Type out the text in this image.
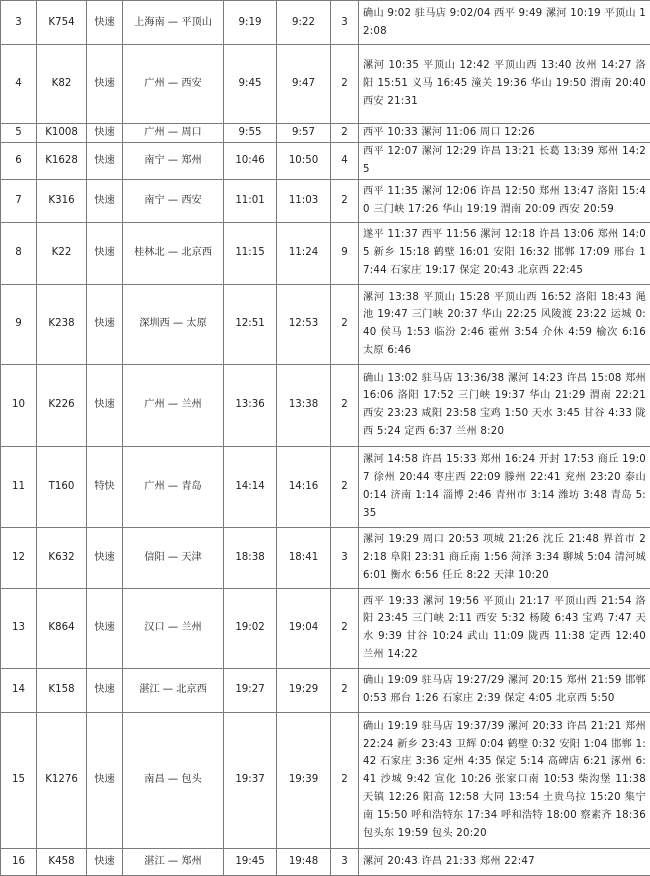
3	K754	快速	上海南 — 平顶山	9:19	9:22	3	确山 9:02 驻马店 9:02/04 西平 9:49 漯河 10:19 平顶山 12:08
4	K82	快速	广州 — 西安	9:45	9:47	2	漯河 10:35 平顶山 12:42 平顶山西 13:40 汝州 14:27 洛阳 15:51 义马 16:45 潼关 19:36 华山 19:50 渭南 20:40 西安 21:31
5	K1008	快速	广州 — 周口	9:55	9:57	2	西平 10:33 漯河 11:06 周口 12:26
6	K1628	快速	南宁 — 郑州	10:46	10:50	4	西平 12:07 漯河 12:29 许昌 13:21 长葛 13:39 郑州 14:25
7	K316	快速	南宁 — 西安	11:01	11:03	2	西平 11:35 漯河 12:06 许昌 12:50 郑州 13:47 洛阳 15:40 三门峡 17:26 华山 19:19 渭南 20:09 西安 20:59
8	K22	快速	桂林北 — 北京西	11:15	11:24	9	遂平 11:37 西平 11:56 漯河 12:18 许昌 13:06 郑州 14:05 新乡 15:18 鹤壁 16:01 安阳 16:32 邯郸 17:09 邢台 17:44 石家庄 19:17 保定 20:43 北京西 22:45
9	K238	快速	深圳西 — 太原	12:51	12:53	2	漯河 13:38 平顶山 15:28 平顶山西 16:52 洛阳 18:43 渑池 19:47 三门峡 20:37 华山 22:25 风陵渡 23:22 运城 0:40 侯马 1:53 临汾 2:46 霍州 3:54 介休 4:59 榆次 6:16 太原 6:46
10	K226	快速	广州 — 兰州	13:36	13:38	2	确山 13:02 驻马店 13:36/38 漯河 14:23 许昌 15:08 郑州 16:06 洛阳 17:52 三门峡 19:37 华山 21:29 渭南 22:21 西安 23:23 咸阳 23:58 宝鸡 1:50 天水 3:45 甘谷 4:33 陇西 5:24 定西 6:37 兰州 8:20
11	T160	特快	广州 — 青岛	14:14	14:16	2	漯河 14:58 许昌 15:33 郑州 16:24 开封 17:53 商丘 19:07 徐州 20:44 枣庄西 22:09 滕州 22:41 兖州 23:20 泰山 0:14 济南 1:14 淄博 2:46 青州市 3:14 潍坊 3:48 青岛 5:35
12	K632	快速	信阳 — 天津	18:38	18:41	3	漯河 19:29 周口 20:53 项城 21:26 沈丘 21:48 界首市 22:18 阜阳 23:31 商丘南 1:56 菏泽 3:34 聊城 5:04 清河城 6:01 衡水 6:56 任丘 8:22 天津 10:20
13	K864	快速	汉口 — 兰州	19:02	19:04	2	西平 19:33 漯河 19:56 平顶山 21:17 平顶山西 21:54 洛阳 23:45 三门峡 2:11 西安 5:32 杨陵 6:43 宝鸡 7:47 天水 9:39 甘谷 10:24 武山 11:09 陇西 11:38 定西 12:40 兰州 14:22
14	K158	快速	湛江 — 北京西	19:27	19:29	2	确山 19:09 驻马店 19:27/29 漯河 20:15 郑州 21:59 邯郸 0:53 邢台 1:26 石家庄 2:39 保定 4:05 北京西 5:50
15	K1276	快速	南昌 — 包头	19:37	19:39	2	确山 19:19 驻马店 19:37/39 漯河 20:33 许昌 21:21 郑州 22:24 新乡 23:43 卫辉 0:04 鹤壁 0:32 安阳 1:04 邯郸 1:42 石家庄 3:36 定州 4:35 保定 5:14 高碑店 6:21 涿州 6:41 沙城 9:42 宣化 10:26 张家口南 10:53 柴沟堡 11:38 天镇 12:26 阳高 12:58 大同 13:54 土贵乌拉 15:20 集宁南 15:50 呼和浩特东 17:34 呼和浩特 18:00 察素齐 18:36 包头东 19:59 包头 20:20
16	K458	快速	湛江 — 郑州	19:45	19:48	3	漯河 20:43 许昌 21:33 郑州 22:47
